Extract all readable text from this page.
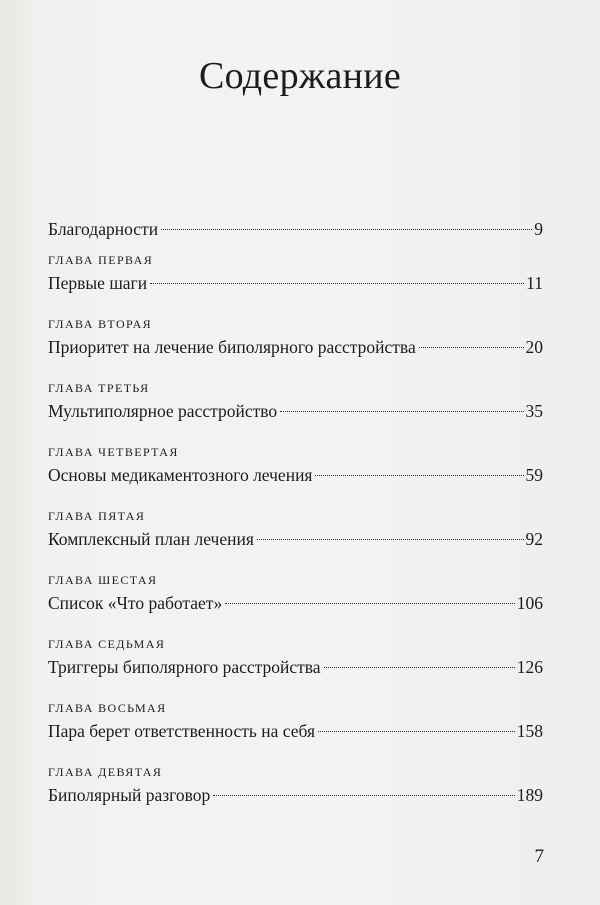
Содержание
Благодарности	9
ГЛАВА ПЕРВАЯ
Первые шаги	11
ГЛАВА ВТОРАЯ
Приоритет на лечение биполярного расстройства	20
ГЛАВА ТРЕТЬЯ
Мультиполярное расстройство	35
ГЛАВА ЧЕТВЕРТАЯ
Основы медикаментозного лечения	59
ГЛАВА ПЯТАЯ
Комплексный план лечения	92
ГЛАВА ШЕСТАЯ
Список «Что работает»	106
ГЛАВА СЕДЬМАЯ
Триггеры биполярного расстройства	126
ГЛАВА ВОСЬМАЯ
Пара берет ответственность на себя	158
ГЛАВА ДЕВЯТАЯ
Биполярный разговор	189
7
